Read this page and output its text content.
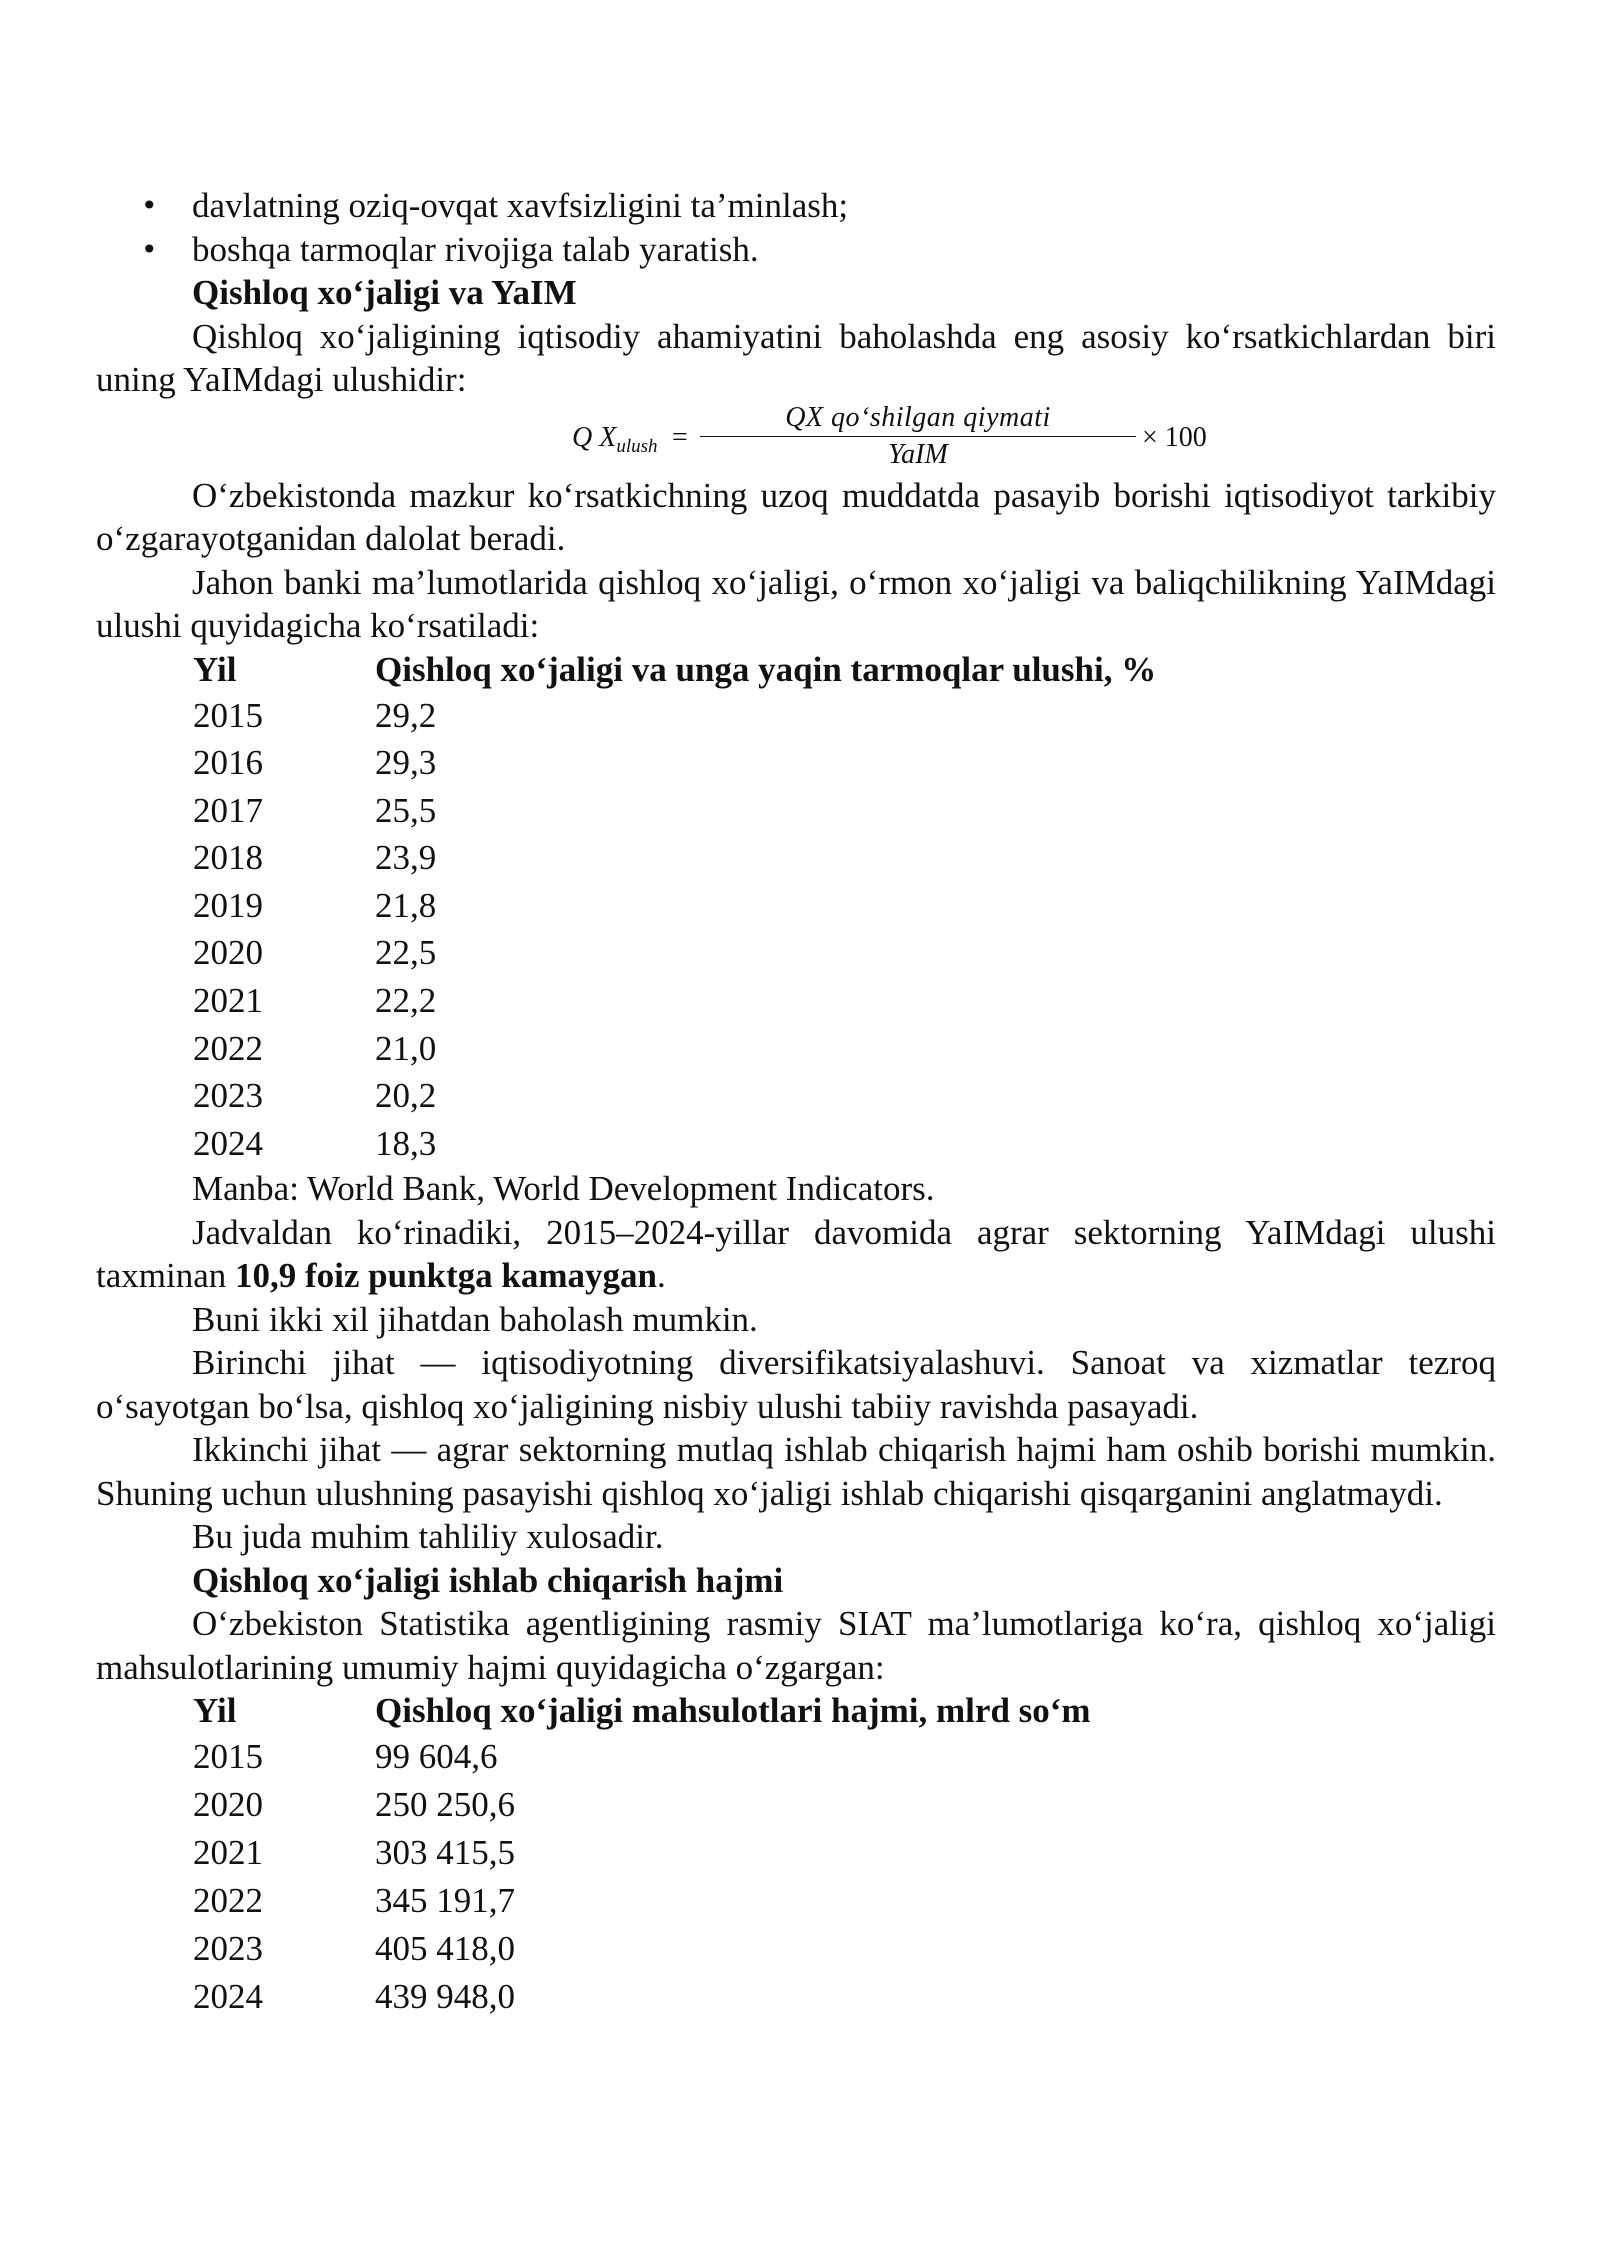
• davlatning oziq-ovqat xavfsizligini ta’minlash;
• boshqa tarmoqlar rivojiga talab yaratish.

Qishloq xo‘jaligi va YaIM

Qishloq xo‘jaligining iqtisodiy ahamiyatini baholashda eng asosiy ko‘rsatkichlardan biri uning YaIMdagi ulushidir:

Q $X_{ulush}$ =
QX qo‘shilgan qiymati
YaIM
× 100

O‘zbekistonda mazkur ko‘rsatkichning uzoq muddatda pasayib borishi iqtisodiyot tarkibiy o‘zgarayotganidan dalolat beradi.

Jahon banki ma’lumotlarida qishloq xo‘jaligi, o‘rmon xo‘jaligi va baliqchilikning YaIMdagi ulushi quyidagicha ko‘rsatiladi:

Yil	Qishloq xo‘jaligi va unga yaqin tarmoqlar ulushi, %
2015	29,2
2016	29,3
2017	25,5
2018	23,9
2019	21,8
2020	22,5
2021	22,2
2022	21,0
2023	20,2
2024	18,3

Manba: World Bank, World Development Indicators.

Jadvaldan ko‘rinadiki, 2015–2024-yillar davomida agrar sektorning YaIMdagi ulushi taxminan 10,9 foiz punktga kamaygan.

Buni ikki xil jihatdan baholash mumkin.

Birinchi jihat — iqtisodiyotning diversifikatsiyalashuvi. Sanoat va xizmatlar tezroq o‘sayotgan bo‘lsa, qishloq xo‘jaligining nisbiy ulushi tabiiy ravishda pasayadi.

Ikkinchi jihat — agrar sektorning mutlaq ishlab chiqarish hajmi ham oshib borishi mumkin. Shuning uchun ulushning pasayishi qishloq xo‘jaligi ishlab chiqarishi qisqarganini anglatmaydi.

Bu juda muhim tahliliy xulosadir.

Qishloq xo‘jaligi ishlab chiqarish hajmi

O‘zbekiston Statistika agentligining rasmiy SIAT ma’lumotlariga ko‘ra, qishloq xo‘jaligi mahsulotlarining umumiy hajmi quyidagicha o‘zgargan:

Yil	Qishloq xo‘jaligi mahsulotlari hajmi, mlrd so‘m
2015	99 604,6
2020	250 250,6
2021	303 415,5
2022	345 191,7
2023	405 418,0
2024	439 948,0
